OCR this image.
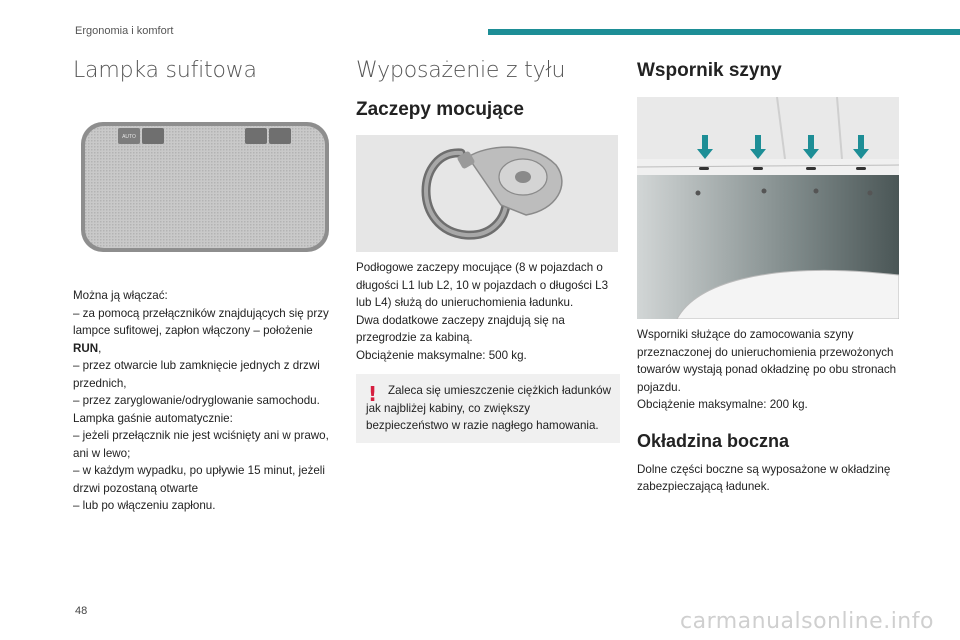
Ergonomia i komfort
Lampka sufitowa
AUTO
Można ją włączać:
– za pomocą przełączników znajdujących się przy lampce sufitowej, zapłon włączony – położenie
RUN,
– przez otwarcie lub zamknięcie jednych z drzwi przednich,
– przez zaryglowanie/odryglowanie samochodu.
Lampka gaśnie automatycznie:
– jeżeli przełącznik nie jest wciśnięty ani w prawo, ani w lewo;
– w każdym wypadku, po upływie 15 minut, jeżeli drzwi pozostaną otwarte
– lub po włączeniu zapłonu.
Wyposażenie z tyłu
Zaczepy mocujące
Podłogowe zaczepy mocujące (8 w pojazdach o długości L1 lub L2, 10 w pojazdach o długości L3 lub L4) służą do unieruchomienia ładunku.
Dwa dodatkowe zaczepy znajdują się na przegrodzie za kabiną.
Obciążenie maksymalne: 500 kg.
! Zaleca się umieszczenie ciężkich ładunków jak najbliżej kabiny, co zwiększy bezpieczeństwo w razie nagłego hamowania.
Wspornik szyny
Wsporniki służące do zamocowania szyny przeznaczonej do unieruchomienia przewożonych towarów wystają ponad okładzinę po obu stronach pojazdu.
Obciążenie maksymalne: 200 kg.
Okładzina boczna
Dolne części boczne są wyposażone w okładzinę zabezpieczającą ładunek.
48	carmanualsonline.info
